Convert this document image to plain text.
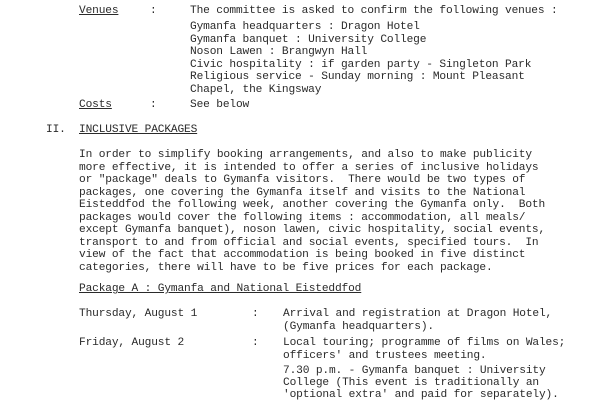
Venues	:	The committee is asked to confirm the following venues :
Gymanfa headquarters : Dragon Hotel
Gymanfa banquet : University College
Noson Lawen : Brangwyn Hall
Civic hospitality : if garden party - Singleton Park
Religious service - Sunday morning : Mount Pleasant
Chapel, the Kingsway
Costs	:	See below
II. INCLUSIVE PACKAGES
In order to simplify booking arrangements, and also to make publicity
more effective, it is intended to offer a series of inclusive holidays
or "package" deals to Gymanfa visitors.  There would be two types of
packages, one covering the Gymanfa itself and visits to the National
Eisteddfod the following week, another covering the Gymanfa only.  Both
packages would cover the following items : accommodation, all meals/
except Gymanfa banquet), noson lawen, civic hospitality, social events,
transport to and from official and social events, specified tours.  In
view of the fact that accommodation is being booked in five distinct
categories, there will have to be five prices for each package.
Package A : Gymanfa and National Eisteddfod
Thursday, August 1	: Arrival and registration at Dragon Hotel,
(Gymanfa headquarters).
Friday, August 2	: Local touring; programme of films on Wales;
officers' and trustees meeting.
7.30 p.m. - Gymanfa banquet : University
College (This event is traditionally an
'optional extra' and paid for separately).
